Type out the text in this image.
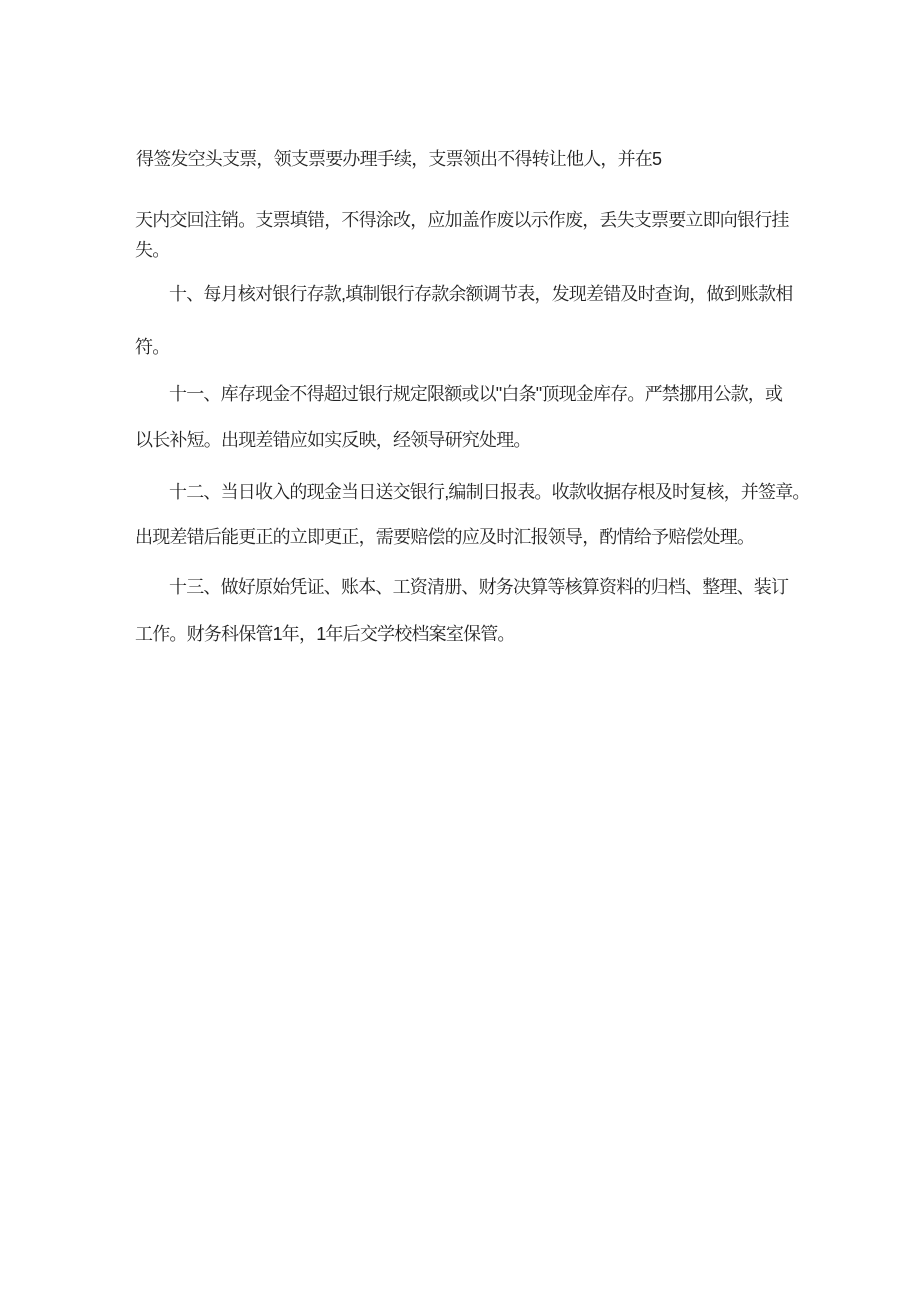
得签发空头支票，领支票要办理手续，支票领出不得转让他人，并在5
天内交回注销。支票填错，不得涂改，应加盖作废以示作废，丢失支票要立即向银行挂
失。
十、每月核对银行存款,填制银行存款余额调节表，发现差错及时查询，做到账款相
符。
十一、库存现金不得超过银行规定限额或以"白条"顶现金库存。严禁挪用公款，或
以长补短。出现差错应如实反映，经领导研究处理。
十二、当日收入的现金当日送交银行,编制日报表。收款收据存根及时复核，并签章。
出现差错后能更正的立即更正，需要赔偿的应及时汇报领导，酌情给予赔偿处理。
十三、做好原始凭证、账本、工资清册、财务决算等核算资料的归档、整理、装订
工作。财务科保管1年，1年后交学校档案室保管。
